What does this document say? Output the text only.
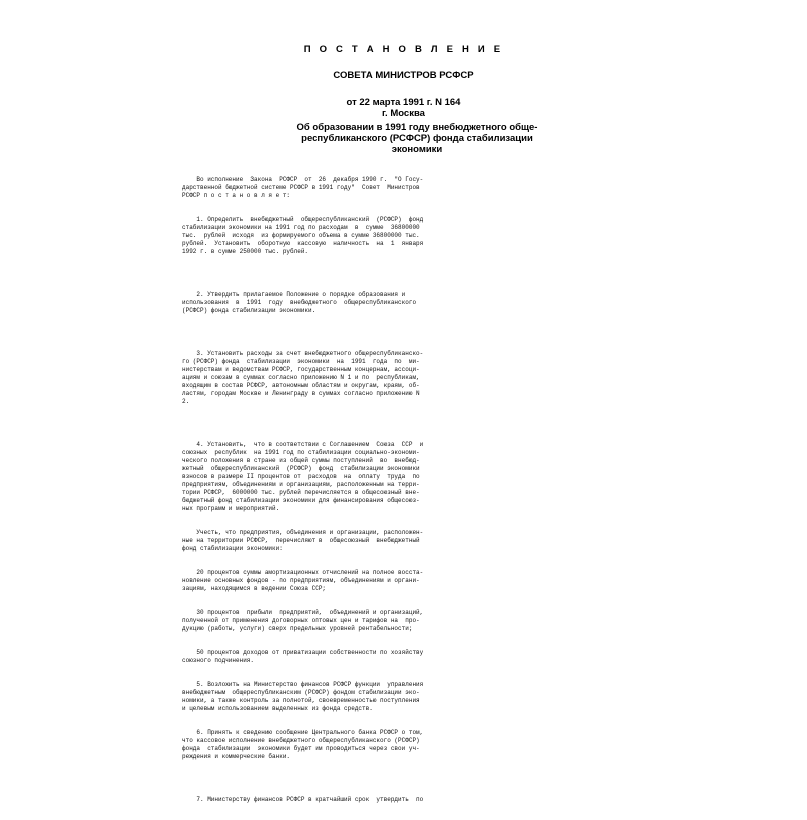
П О С Т А Н О В Л Е Н И Е
СОВЕТА МИНИСТРОВ РСФСР
от 22 марта 1991 г. N 164
г. Москва
Об образовании в 1991 году внебюджетного обще-
республиканского (РСФСР) фонда стабилизации
экономики

Во исполнение  Закона  РСФСР  от  26  декабря 1990 г.  "О Госу-
дарственной бюджетной системе РСФСР в 1991 году"  Совет  Министров
РСФСР п о с т а н о в л я е т:

1. Определить  внебюджетный  общереспубликанский  (РСФСР)  фонд
стабилизации экономики на 1991 год по расходам  в  сумме  36800000
тыс.  рублей  исходя  из формируемого объема в сумме 36800000 тыс.
рублей.  Установить  оборотную  кассовую  наличность  на  1  января
1992 г. в сумме 250000 тыс. рублей.

2. Утвердить прилагаемое Положение о порядке образования и
использования  в  1991  году  внебюджетного  общереспубликанского
(РСФСР) фонда стабилизации экономики.

3. Установить расходы за счет внебюджетного общереспубликанско-
го (РСФСР) фонда  стабилизации  экономики  на  1991  года  по  ми-
нистерствам и ведомствам РСФСР, государственным концернам, ассоци-
ациям и союзам в суммах согласно приложению N 1 и по  республикам,
входящим в состав РСФСР, автономным областям и округам, краям, об-
ластям, городам Москве и Ленинграду в суммах согласно приложению N
2.

4. Установить,  что в соответствии с Соглашением  Союза  ССР  и
союзных  республик  на 1991 год по стабилизации социально-экономи-
ческого положения в стране из общей суммы поступлений  во  внебюд-
жетный  общереспубликанский  (РСФСР)  фонд  стабилизации экономики
взносов в размере II процентов от  расходов  на  оплату  труда  по
предприятиям, объединениям и организациям, расположенным на терри-
тории РСФСР,  6000000 тыс. рублей перечисляется в общесоюзный вне-
бюджетный фонд стабилизации экономики для финансирования общесоюз-
ных программ и мероприятий.

Учесть, что предприятия, объединения и организации, расположен-
ные на территории РСФСР,  перечисляют в  общесоюзный  внебюджетный
фонд стабилизации экономики:

20 процентов суммы амортизационных отчислений на полное восста-
новление основных фондов - по предприятиям, объединениям и органи-
зациям, находящимся в ведении Союза ССР;

30 процентов  прибыли  предприятий,  объединений и организаций,
полученной от применения договорных оптовых цен и тарифов на  про-
дукцию (работы, услуги) сверх предельных уровней рентабельности;

50 процентов доходов от приватизации собственности по хозяйству
союзного подчинения.

5. Возложить на Министерство финансов РСФСР функции  управления
внебюджетным  общереспубликанским (РСФСР) фондом стабилизации эко-
номики, а также контроль за полнотой, своевременностью поступления
и целевым использованием выделенных из фонда средств.

6. Принять к сведению сообщение Центрального банка РСФСР о том,
что кассовое исполнение внебюджетного общереспубликанского (РСФСР)
фонда  стабилизации  экономики будет им проводиться через свои уч-
реждения и коммерческие банки.

7. Министерству финансов РСФСР в кратчайший срок  утвердить  по
